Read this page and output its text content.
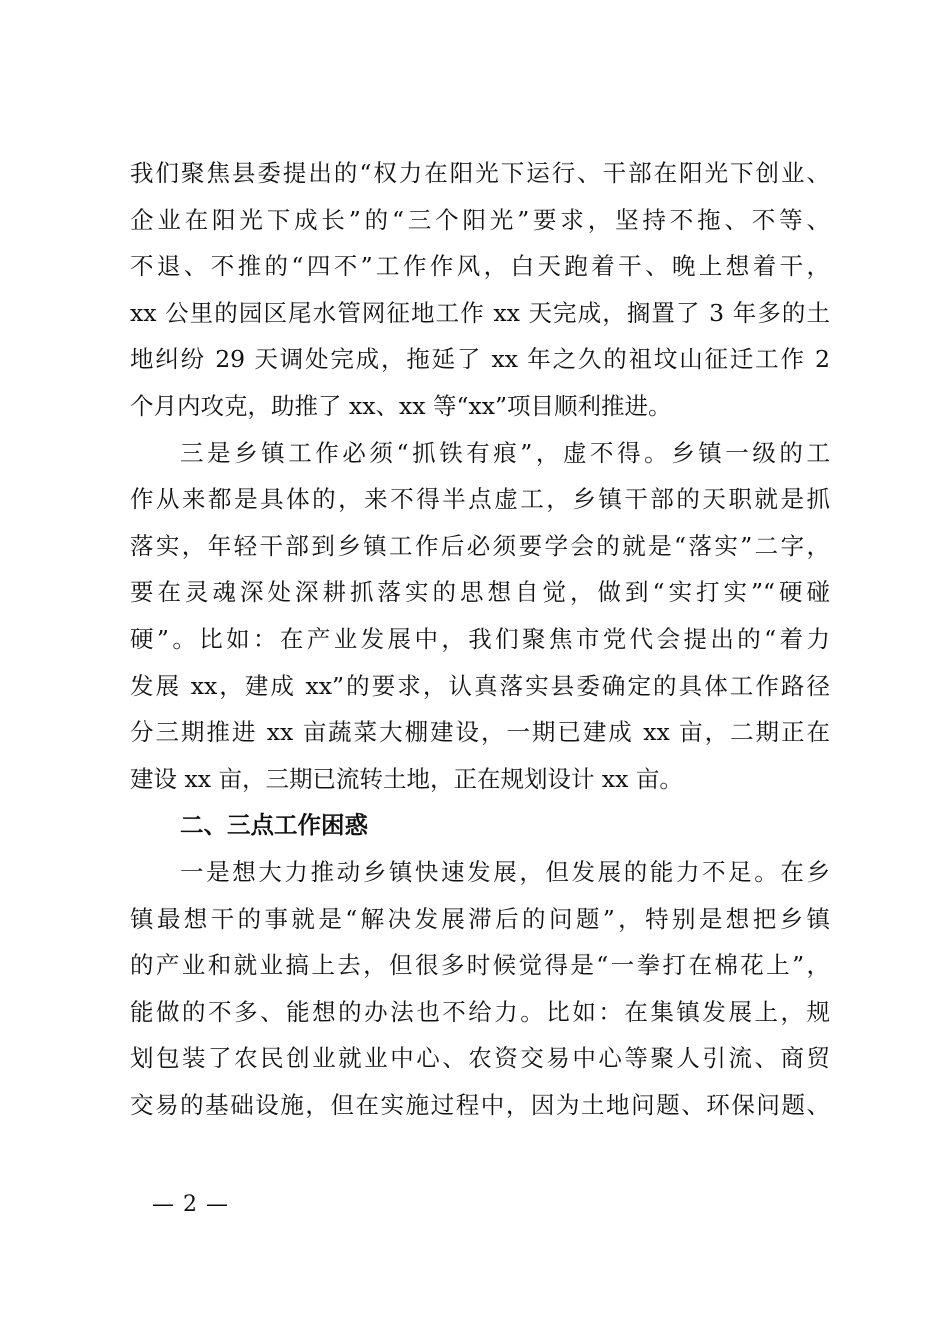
我们聚焦县委提出的“权力在阳光下运行、干部在阳光下创业、
企业在阳光下成长”的“三个阳光”要求，坚持不拖、不等、
不退、不推的“四不”工作作风，白天跑着干、晚上想着干，
xx 公里的园区尾水管网征地工作 xx 天完成，搁置了 3 年多的土
地纠纷 29 天调处完成，拖延了 xx 年之久的祖坟山征迁工作 2
个月内攻克，助推了 xx、xx 等“xx”项目顺利推进。
三是乡镇工作必须“抓铁有痕”，虚不得。乡镇一级的工
作从来都是具体的，来不得半点虚工，乡镇干部的天职就是抓
落实，年轻干部到乡镇工作后必须要学会的就是“落实”二字，
要在灵魂深处深耕抓落实的思想自觉，做到“实打实”“硬碰
硬”。比如：在产业发展中，我们聚焦市党代会提出的“着力
发展 xx，建成 xx”的要求，认真落实县委确定的具体工作路径
分三期推进 xx 亩蔬菜大棚建设，一期已建成 xx 亩，二期正在
建设 xx 亩，三期已流转土地，正在规划设计 xx 亩。
二、三点工作困惑
一是想大力推动乡镇快速发展，但发展的能力不足。在乡
镇最想干的事就是“解决发展滞后的问题”，特别是想把乡镇
的产业和就业搞上去，但很多时候觉得是“一拳打在棉花上”，
能做的不多、能想的办法也不给力。比如：在集镇发展上，规
划包装了农民创业就业中心、农资交易中心等聚人引流、商贸
交易的基础设施，但在实施过程中，因为土地问题、环保问题、
— 2 —
